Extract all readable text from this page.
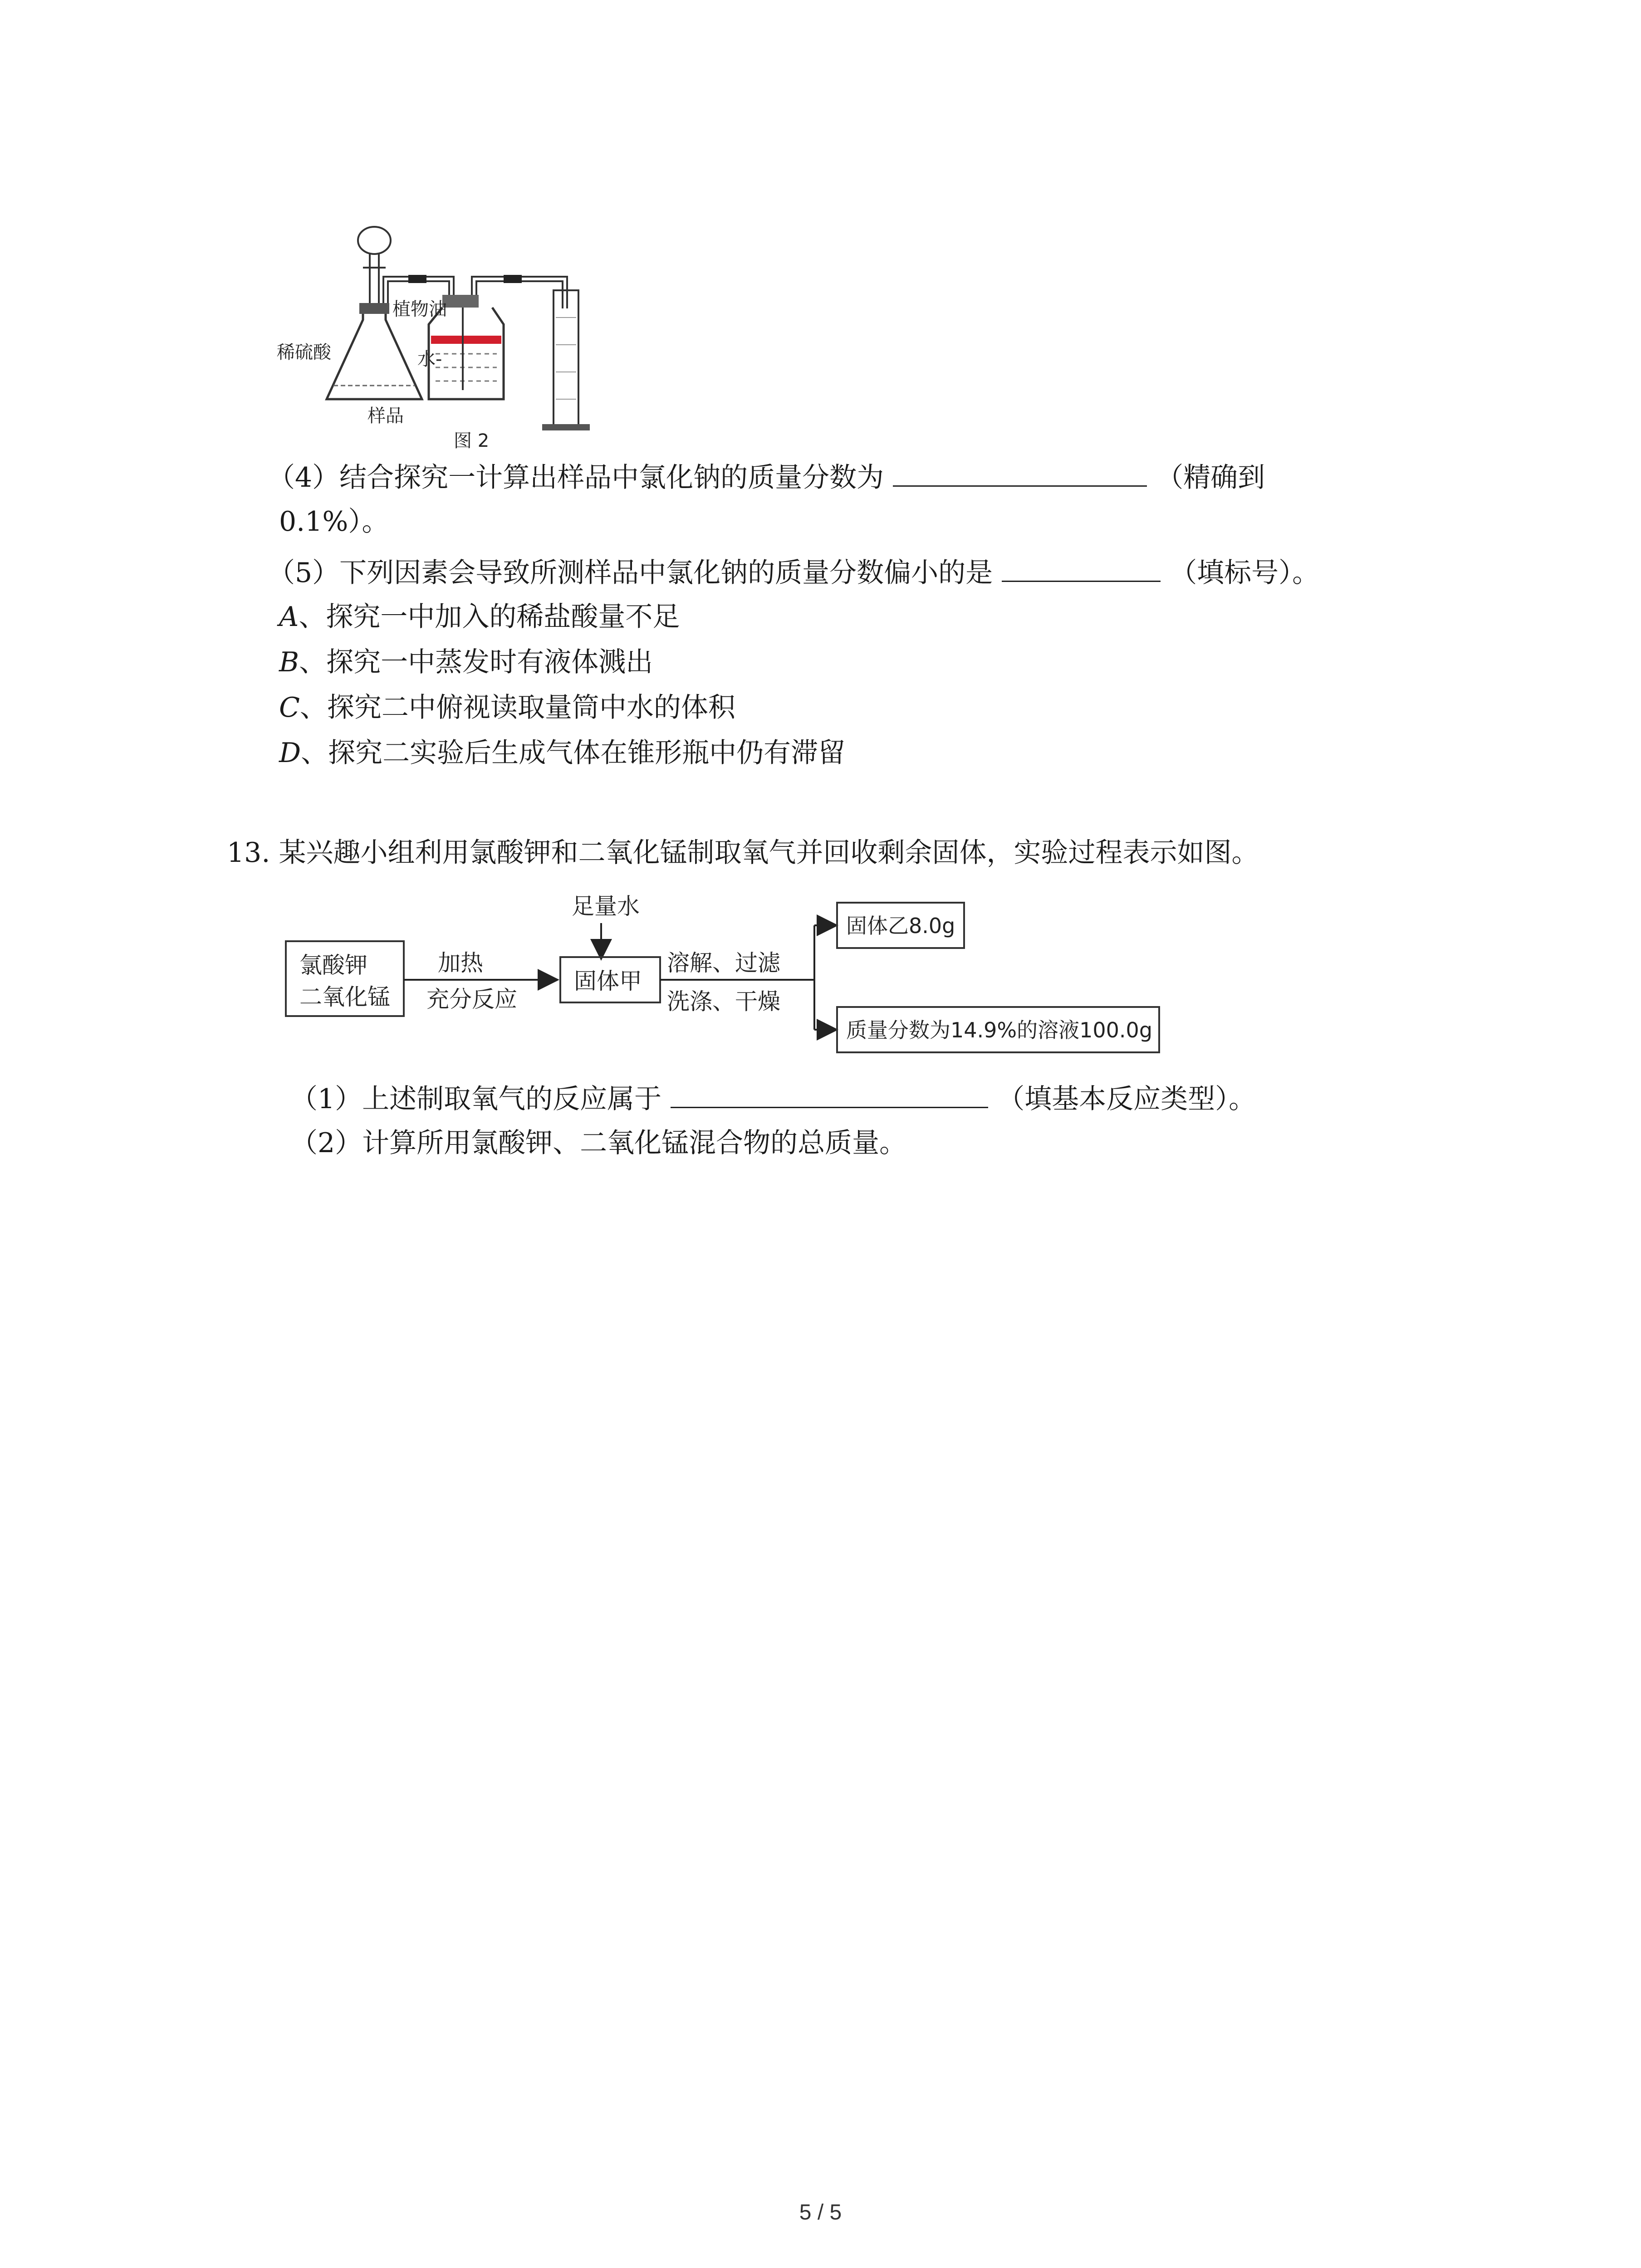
稀硫酸
植物油
水-
样品
图 2
（4）结合探究一计算出样品中氯化钠的质量分数为	（精确到
0.1%）。
（5）下列因素会导致所测样品中氯化钠的质量分数偏小的是	（填标号）。
A、探究一中加入的稀盐酸量不足
B、探究一中蒸发时有液体溅出
C、探究二中俯视读取量筒中水的体积
D、探究二实验后生成气体在锥形瓶中仍有滞留
13. 某兴趣小组利用氯酸钾和二氧化锰制取氧气并回收剩余固体，实验过程表示如图。
氯酸钾
二氧化锰
加热
充分反应
足量水
固体甲
溶解、过滤
洗涤、干燥
固体乙8.0g
质量分数为14.9%的溶液100.0g
（1）上述制取氧气的反应属于	（填基本反应类型）。
（2）计算所用氯酸钾、二氧化锰混合物的总质量。
5 / 5
